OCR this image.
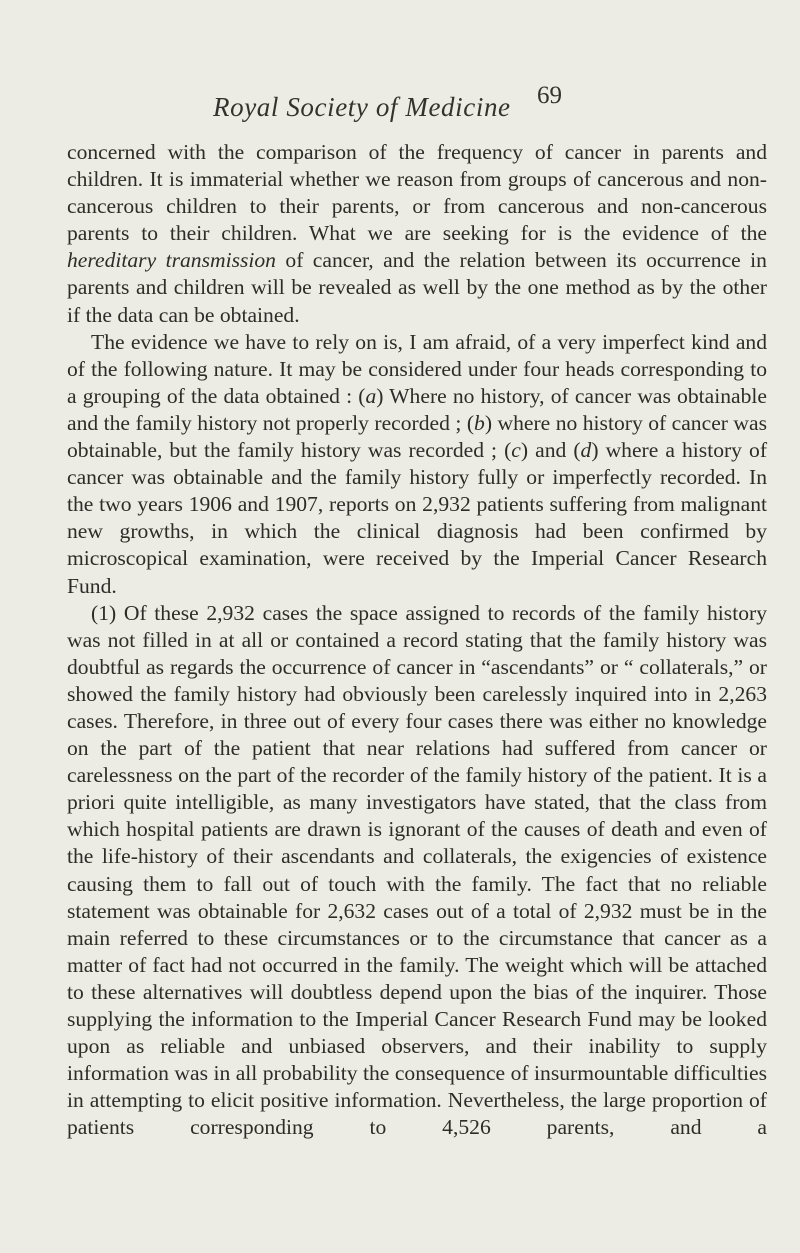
Royal Society of Medicine 69

concerned with the comparison of the frequency of cancer in parents and children. It is immaterial whether we reason from groups of cancerous and non-cancerous children to their parents, or from cancerous and non-cancerous parents to their children. What we are seeking for is the evidence of the hereditary transmission of cancer, and the relation between its occurrence in parents and children will be revealed as well by the one method as by the other if the data can be obtained.

The evidence we have to rely on is, I am afraid, of a very imperfect kind and of the following nature. It may be considered under four heads corresponding to a grouping of the data obtained : (a) Where no history, of cancer was obtainable and the family history not properly recorded ; (b) where no history of cancer was obtainable, but the family history was recorded ; (c) and (d) where a history of cancer was obtainable and the family history fully or imperfectly recorded. In the two years 1906 and 1907, reports on 2,932 patients suffering from malignant new growths, in which the clinical diagnosis had been confirmed by microscopical examination, were received by the Imperial Cancer Research Fund.

(1) Of these 2,932 cases the space assigned to records of the family history was not filled in at all or contained a record stating that the family history was doubtful as regards the occurrence of cancer in “ascendants” or “ collaterals,” or showed the family history had obviously been carelessly inquired into in 2,263 cases. Therefore, in three out of every four cases there was either no knowledge on the part of the patient that near relations had suffered from cancer or carelessness on the part of the recorder of the family history of the patient. It is a priori quite intelligible, as many investigators have stated, that the class from which hospital patients are drawn is ignorant of the causes of death and even of the life-history of their ascendants and collaterals, the exigencies of existence causing them to fall out of touch with the family. The fact that no reliable statement was obtainable for 2,632 cases out of a total of 2,932 must be in the main referred to these circumstances or to the circumstance that cancer as a matter of fact had not occurred in the family. The weight which will be attached to these alternatives will doubtless depend upon the bias of the inquirer. Those supplying the information to the Imperial Cancer Research Fund may be looked upon as reliable and unbiased observers, and their inability to supply information was in all probability the consequence of insurmountable difficulties in attempting to elicit positive information. Nevertheless, the large proportion of patients corresponding to 4,526 parents, and a
